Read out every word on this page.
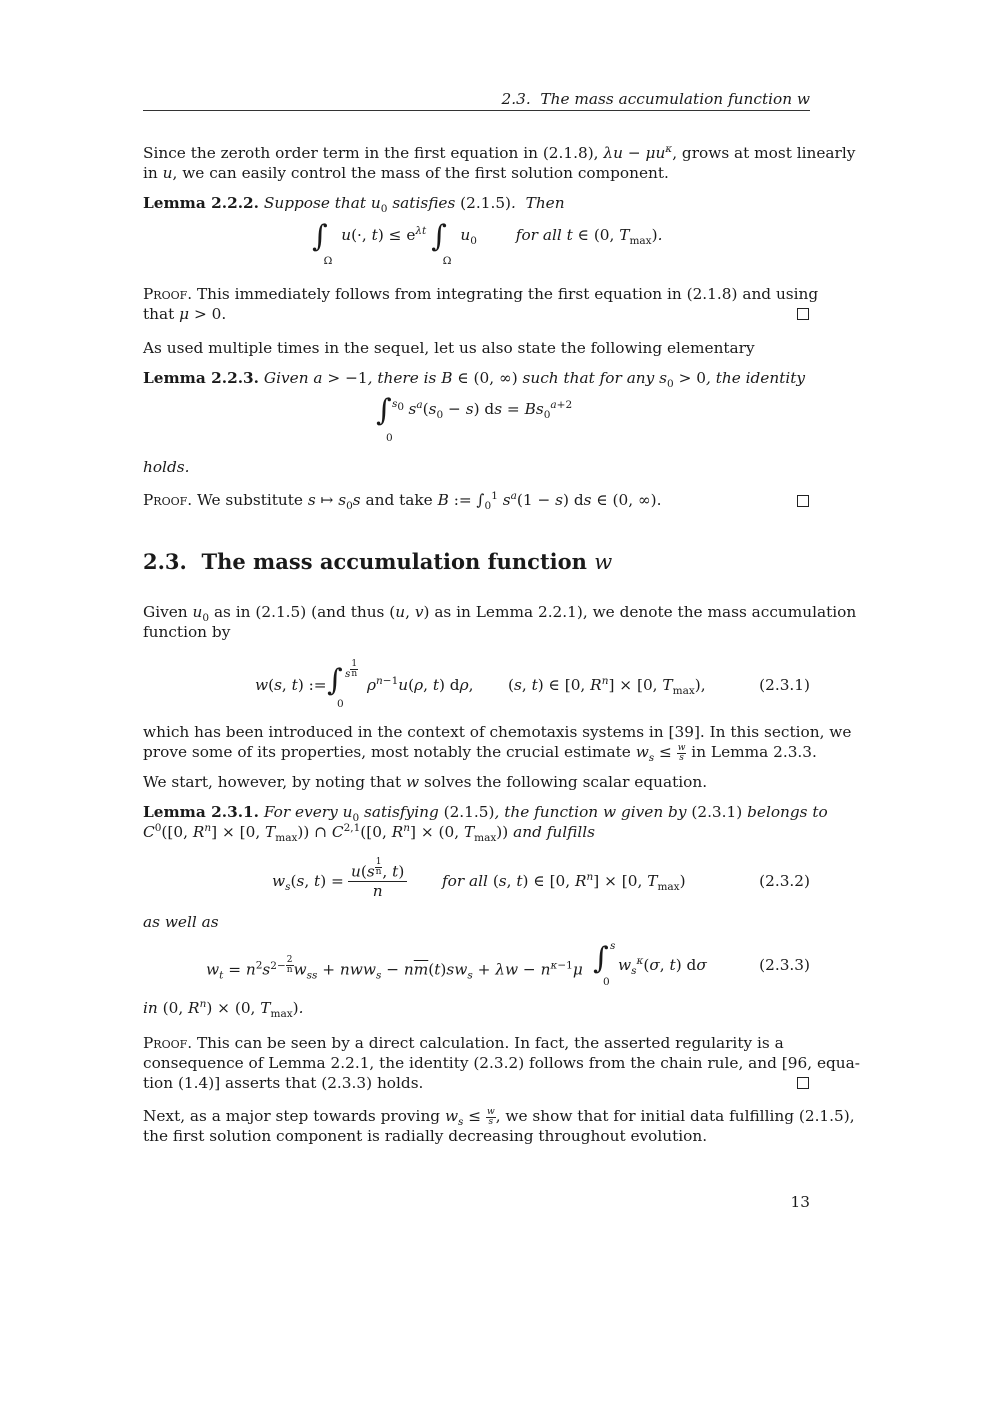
2.3.  The mass accumulation function w
Since the zeroth order term in the first equation in (2.1.8), $\lambda u - \mu u^\kappa$, grows at most linearly
in u, we can easily control the mass of the first solution component.
Lemma 2.2.2. Suppose that $u_0$ satisfies (2.1.5).  Then
$\int_\Omega$ u(·, $t) \le e^{\lambda t}$ $\int_\Omega$ $u_0$	for all t ∈ (0, $T_{max}$).
Proof. This immediately follows from integrating the first equation in (2.1.8) and using
that μ > 0.
As used multiple times in the sequel, let us also state the following elementary
Lemma 2.2.3. Given a > −1, there is B ∈ (0, ∞) such that for any $s_0 > 0$, the identity
∫ $s_0$
0
$s^a(s_0 - s)$ ds = $Bs_0^{a+2}$
holds.
Proof. We substitute s ↦ $s_0s$ and take B := $\int_0^1$ $s^a(1 - s)$ ds ∈ (0, ∞).
2.3.  The mass accumulation function w
Given $u_0$ as in (2.1.5) (and thus (u, v) as in Lemma 2.2.1), we denote the mass accumulation
function by
w(s, t) := ∫ s $^{\frac{1}{n}}$
0
$\rho^{n-1}u(\rho$, t) dρ, (s, t) ∈ [0, $R^n] \times [0$, $T_{max}$),	(2.3.1)
which has been introduced in the context of chemotaxis systems in [39]. In this section, we
prove some of its properties, most notably the crucial estimate $w_s \le \frac{w}{s}$ in Lemma 2.3.3.
We start, however, by noting that w solves the following scalar equation.
Lemma 2.3.1. For every $u_0$ satisfying (2.1.5), the function w given by (2.3.1) belongs to
$C^0([0$, $R^n] \times [0$, $T_{max}$)) ∩ C$^{2,1}$([0, $R^n] \times (0$, $T_{max}$)) and fulfills
$w_s(s$, t) = u(s $^{\frac{1}{n}}$ , t)
n for all (s, t) ∈ [0, $R^n] \times [0$, $T_{max}$)	(2.3.2)
as well as
$w_t = n^2s^{2- \frac{2}{n}}$ $w_{ss} + nww_s - n\overline{m}(t)sw_s + \lambda w - n^{\kappa-1}\mu$ ∫ s
0
$w_s^\kappa(\sigma$, t) dσ	(2.3.3)
in (0, $R^n) \times (0$, $T_{max}$).
Proof. This can be seen by a direct calculation. In fact, the asserted regularity is a
consequence of Lemma 2.2.1, the identity (2.3.2) follows from the chain rule, and [96, equa-
tion (1.4)] asserts that (2.3.3) holds.
Next, as a major step towards proving $w_s \le \frac{w}{s}$ , we show that for initial data fulfilling (2.1.5),
the first solution component is radially decreasing throughout evolution.
13
